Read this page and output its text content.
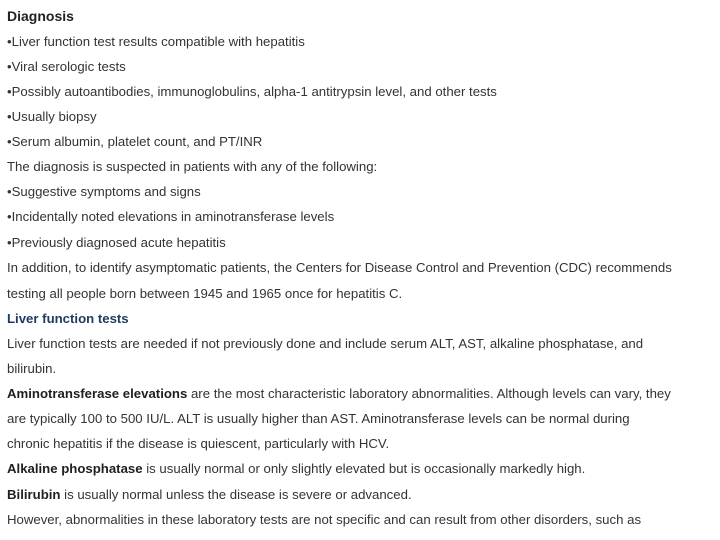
Diagnosis
•Liver function test results compatible with hepatitis
•Viral serologic tests
•Possibly autoantibodies, immunoglobulins, alpha-1 antitrypsin level, and other tests
•Usually biopsy
•Serum albumin, platelet count, and PT/INR
The diagnosis is suspected in patients with any of the following:
•Suggestive symptoms and signs
•Incidentally noted elevations in aminotransferase levels
•Previously diagnosed acute hepatitis
In addition, to identify asymptomatic patients, the Centers for Disease Control and Prevention (CDC) recommends
testing all people born between 1945 and 1965 once for hepatitis C.
Liver function tests
Liver function tests are needed if not previously done and include serum ALT, AST, alkaline phosphatase, and
bilirubin.
Aminotransferase elevations are the most characteristic laboratory abnormalities. Although levels can vary, they
are typically 100 to 500 IU/L. ALT is usually higher than AST. Aminotransferase levels can be normal during
chronic hepatitis if the disease is quiescent, particularly with HCV.
Alkaline phosphatase is usually normal or only slightly elevated but is occasionally markedly high.
Bilirubin is usually normal unless the disease is severe or advanced.
However, abnormalities in these laboratory tests are not specific and can result from other disorders, such as
